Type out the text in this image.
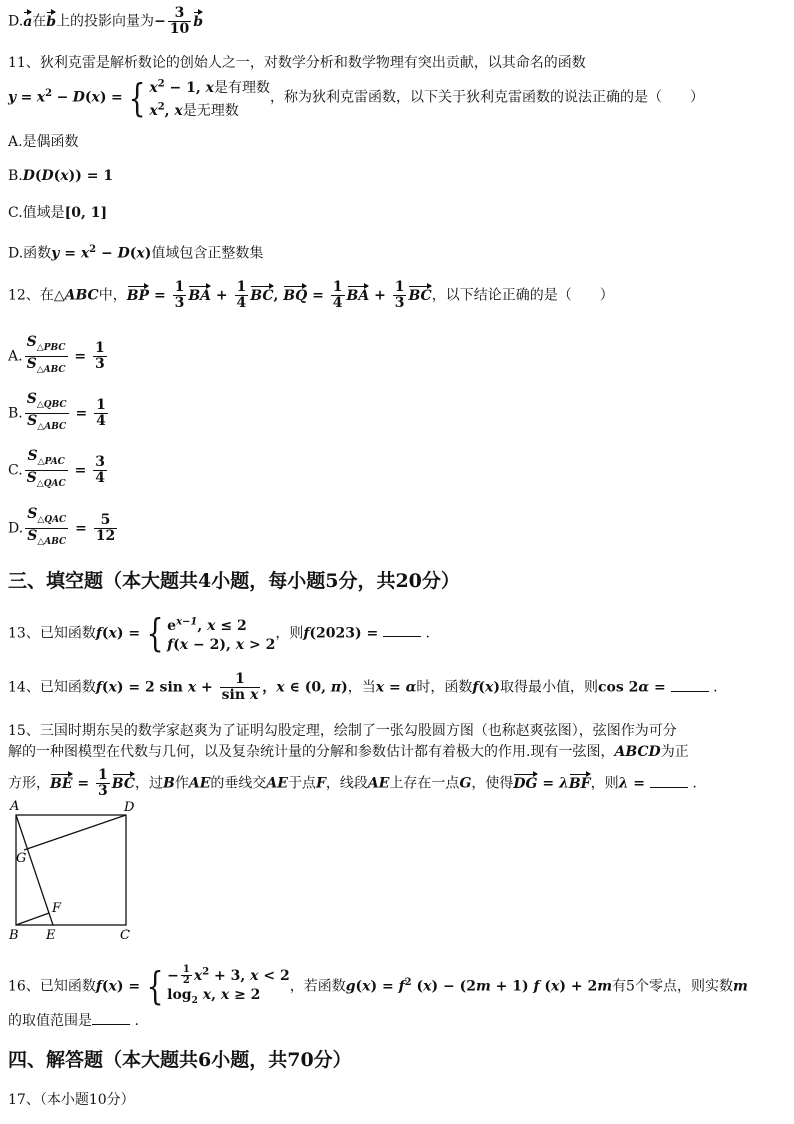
D.a在b上的投影向量为− $\frac{3}{10}$ b
11、狄利克雷是解析数论的创始人之一，对数学分析和数学物理有突出贡献，以其命名的函数
$y = x^2 - D(x)$ = { $x^2 - 1$, x是有理数
$x^2$, x是无理数，称为狄利克雷函数，以下关于狄利克雷函数的说法正确的是（　　）
A.是偶函数
B.D(D(x)) = 1
C.值域是[0, 1]
D.函数$y = x^2 - D(x)$值域包含正整数集
12、在△ABC中，BP = $\frac{1}{3}$ BA + $\frac{1}{4}$ BC, BQ = $\frac{1}{4}$ BA + $\frac{1}{3}$ BC，以下结论正确的是（　　）
A. $\frac{S_{\triangle PBC}}{S_{\triangle ABC}} = \frac{1}{3}$
B. $\frac{S_{\triangle QBC}}{S_{\triangle ABC}} = \frac{1}{4}$
C. $\frac{S_{\triangle PAC}}{S_{\triangle QAC}} = \frac{3}{4}$
D. $\frac{S_{\triangle QAC}}{S_{\triangle ABC}} = \frac{5}{12}$
三、填空题（本大题共4小题，每小题5分，共20分）
13、已知函数f(x) = { $e^{x-1}$, x ≤ 2
f(x − 2), x > 2，则f(2023) =	.
14、已知函数f(x) = 2 $\sin x + \frac{1}{\text{sin x}}$ ，x ∈ (0, π)，当x = α时，函数f(x)取得最小值，则cos 2α =	.
15、三国时期东吴的数学家赵爽为了证明勾股定理，绘制了一张勾股圆方图（也称赵爽弦图），弦图作为可分
解的一种图模型在代数与几何，以及复杂统计量的分解和参数估计都有着极大的作用.现有一弦图，ABCD为正
方形，BE = $\frac{1}{3}$ BC，过B作AE的垂线交AE于点F，线段AE上存在一点G，使得DG = λBF，则λ =	.
A	D
G
F
B E	C
16、已知函数f(x) = { − $\frac{1}{2} x^2 + 3$, x < 2
$\log_2 x$, x ≥ 2，若函数$g(x) = f^2$ (x) − (2m + 1) f (x) + 2m有5个零点，则实数m
的取值范围是	.
四、解答题（本大题共6小题，共70分）
17、（本小题10分）
